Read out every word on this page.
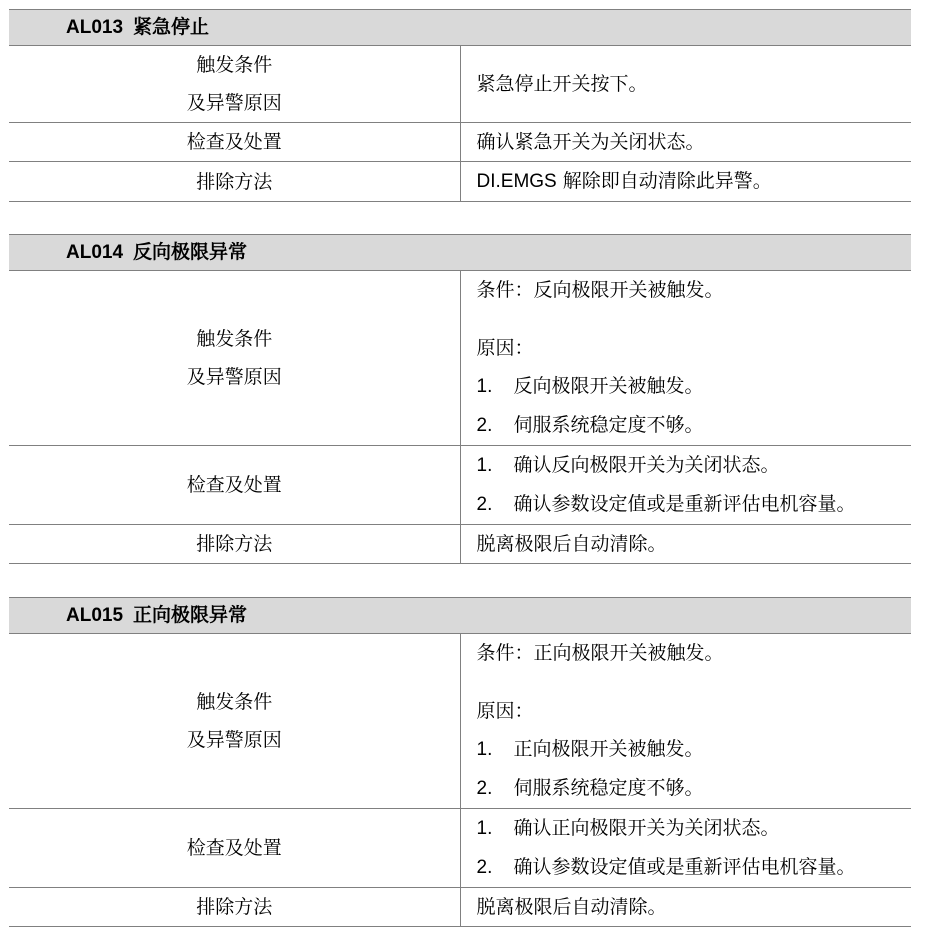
AL013 紧急停止	

触发条件
及异警原因	紧急停止开关按下。
检查及处置	确认紧急开关为关闭状态。
排除方法	DI.EMGS 解除即自动清除此异警。
AL014 反向极限异常	

触发条件
及异警原因	条件：反向极限开关被触发。
原因：
1. 反向极限开关被触发。
2. 伺服系统稳定度不够。

检查及处置	1. 确认反向极限开关为关闭状态。
2. 确认参数设定值或是重新评估电机容量。

排除方法	脱离极限后自动清除。
AL015 正向极限异常	

触发条件
及异警原因	条件：正向极限开关被触发。
原因：
1. 正向极限开关被触发。
2. 伺服系统稳定度不够。

检查及处置	1. 确认正向极限开关为关闭状态。
2. 确认参数设定值或是重新评估电机容量。

排除方法	脱离极限后自动清除。
